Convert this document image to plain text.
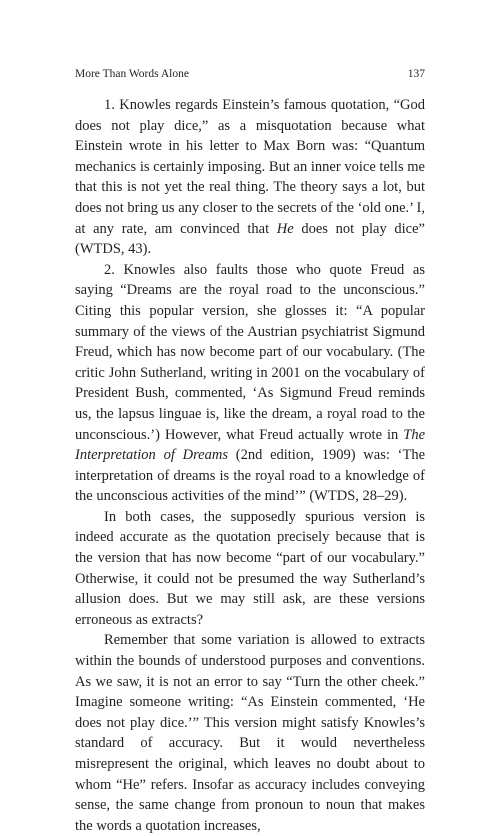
More Than Words Alone	137

1. Knowles regards Einstein’s famous quotation, “God does not play dice,” as a misquotation because what Einstein wrote in his letter to Max Born was: “Quantum mechanics is certainly imposing. But an inner voice tells me that this is not yet the real thing. The theory says a lot, but does not bring us any closer to the secrets of the ‘old one.’ I, at any rate, am convinced that He does not play dice” (WTDS, 43).

2. Knowles also faults those who quote Freud as saying “Dreams are the royal road to the unconscious.” Citing this popular version, she glosses it: “A popular summary of the views of the Austrian psychiatrist Sigmund Freud, which has now become part of our vocabulary. (The critic John Sutherland, writing in 2001 on the vocabulary of President Bush, commented, ‘As Sigmund Freud reminds us, the lapsus linguae is, like the dream, a royal road to the unconscious.’) However, what Freud actually wrote in The Interpretation of Dreams (2nd edition, 1909) was: ‘The interpretation of dreams is the royal road to a knowledge of the unconscious activities of the mind’” (WTDS, 28–29).

In both cases, the supposedly spurious version is indeed accurate as the quotation precisely because that is the version that has now become “part of our vocabulary.” Otherwise, it could not be presumed the way Sutherland’s allusion does. But we may still ask, are these versions erroneous as extracts?

Remember that some variation is allowed to extracts within the bounds of understood purposes and conventions. As we saw, it is not an error to say “Turn the other cheek.” Imagine someone writing: “As Einstein commented, ‘He does not play dice.’” This version might satisfy Knowles’s standard of accuracy. But it would nevertheless misrepresent the original, which leaves no doubt about to whom “He” refers. Insofar as accuracy includes conveying sense, the same change from pronoun to noun that makes the words a quotation increases,
